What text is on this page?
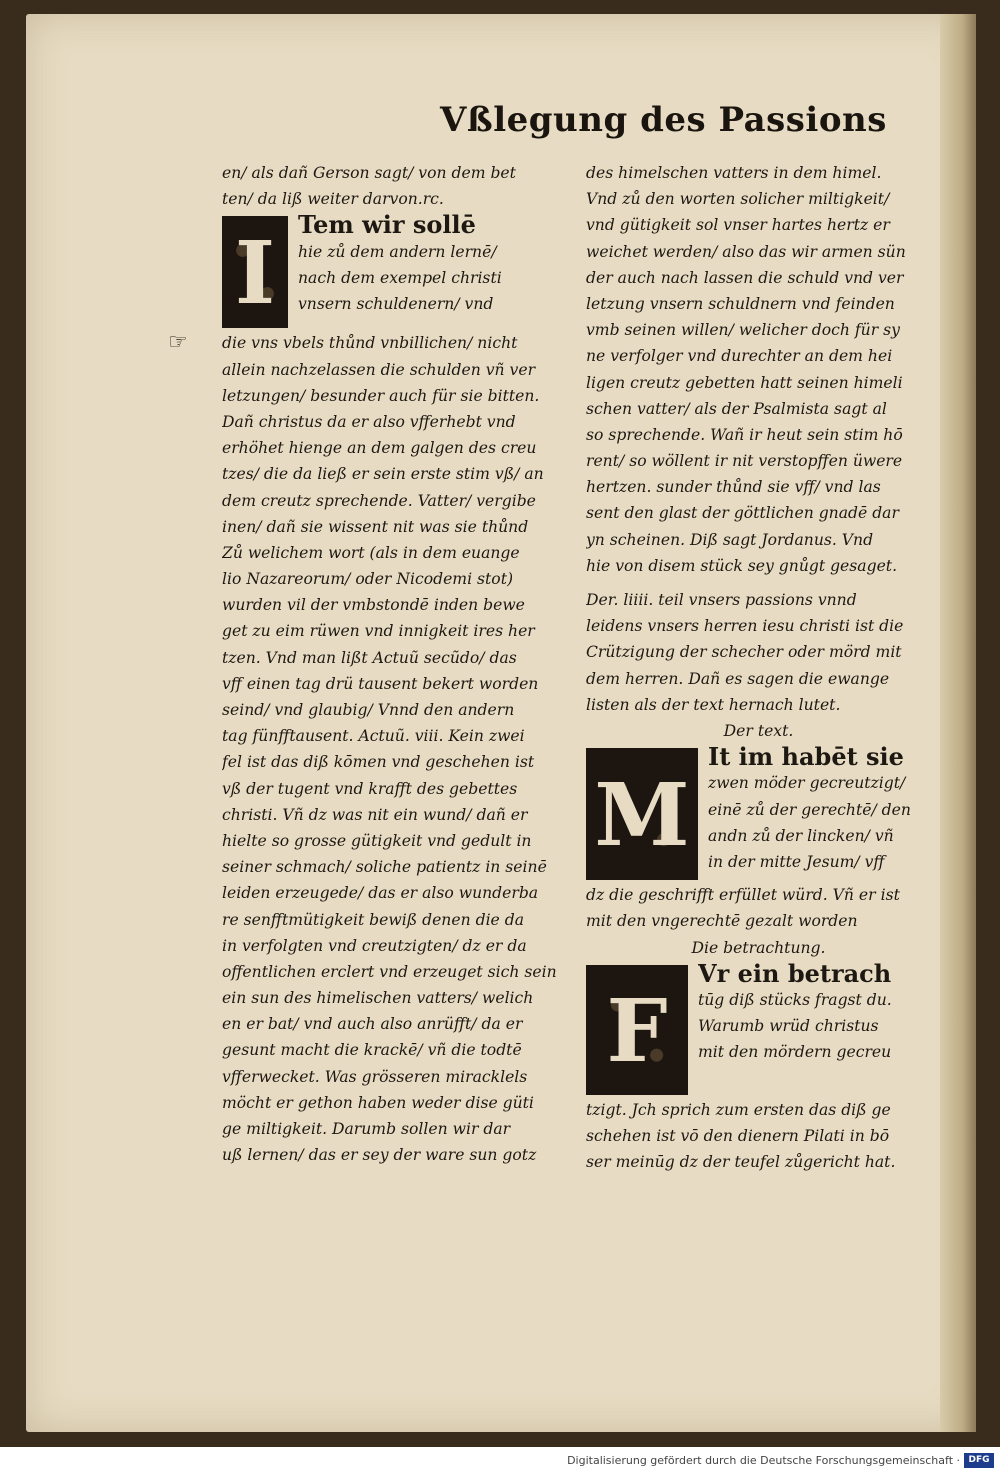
Vßlegung des Passions
☞
en/ als dañ Gerson sagt/ von dem bet
ten/ da liß weiter darvon.rc.
I Tem wir sollē
hie zů dem andern lernē/
nach dem exempel christi
vnsern schuldenern/ vnd
die vns vbels thůnd vnbillichen/ nicht
allein nachzelassen die schulden vñ ver
letzungen/ besunder auch für sie bitten.
Dañ christus da er also vfferhebt vnd
erhöhet hienge an dem galgen des creu
tzes/ die da ließ er sein erste stim vß/ an
dem creutz sprechende. Vatter/ vergibe
inen/ dañ sie wissent nit was sie thůnd
Zů welichem wort (als in dem euange
lio Nazareorum/ oder Nicodemi stot)
wurden vil der vmbstondē inden bewe
get zu eim rüwen vnd innigkeit ires her
tzen. Vnd man lißt Actuũ secũdo/ das
vff einen tag drü tausent bekert worden
seind/ vnd glaubig/ Vnnd den andern
tag fünfftausent. Actuũ. viii. Kein zwei
fel ist das diß kōmen vnd geschehen ist
vß der tugent vnd krafft des gebettes
christi. Vñ dz was nit ein wund/ dañ er
hielte so grosse gütigkeit vnd gedult in
seiner schmach/ soliche patientz in seinē
leiden erzeugede/ das er also wunderba
re senfftmütigkeit bewiß denen die da
in verfolgten vnd creutzigten/ dz er da
offentlichen erclert vnd erzeuget sich sein
ein sun des himelischen vatters/ welich
en er bat/ vnd auch also anrüfft/ da er
gesunt macht die krackē/ vñ die todtē
vfferwecket. Was grösseren miracklels
möcht er gethon haben weder dise güti
ge miltigkeit. Darumb sollen wir dar
uß lernen/ das er sey der ware sun gotz
des himelschen vatters in dem himel.
Vnd zů den worten solicher miltigkeit/
vnd gütigkeit sol vnser hartes hertz er
weichet werden/ also das wir armen sün
der auch nach lassen die schuld vnd ver
letzung vnsern schuldnern vnd feinden
vmb seinen willen/ welicher doch für sy
ne verfolger vnd durechter an dem hei
ligen creutz gebetten hatt seinen himeli
schen vatter/ als der Psalmista sagt al
so sprechende. Wañ ir heut sein stim hō
rent/ so wöllent ir nit verstopffen üwere
hertzen. sunder thůnd sie vff/ vnd las
sent den glast der göttlichen gnadē dar
yn scheinen. Diß sagt Jordanus. Vnd
hie von disem stück sey gnůgt gesaget.
Der. liiii. teil vnsers passions vnnd
leidens vnsers herren iesu christi ist die
Crützigung der schecher oder mörd mit
dem herren. Dañ es sagen die ewange
listen als der text hernach lutet.
Der text.
M
It im habēt sie
zwen möder gecreutzigt/
einē zů der gerechtē/ den
andn zů der lincken/ vñ
in der mitte Jesum/ vff
dz die geschrifft erfüllet würd. Vñ er ist
mit den vngerechtē gezalt worden
Die betrachtung.
F
Vr ein betrach
tūg diß stücks fragst du.
Warumb wrüd christus
mit den mördern gecreu
tzigt. Jch sprich zum ersten das diß ge
schehen ist vō den dienern Pilati in bō
ser meinūg dz der teufel zůgericht hat.
Digitalisierung gefördert durch die Deutsche Forschungsgemeinschaft · DFG
